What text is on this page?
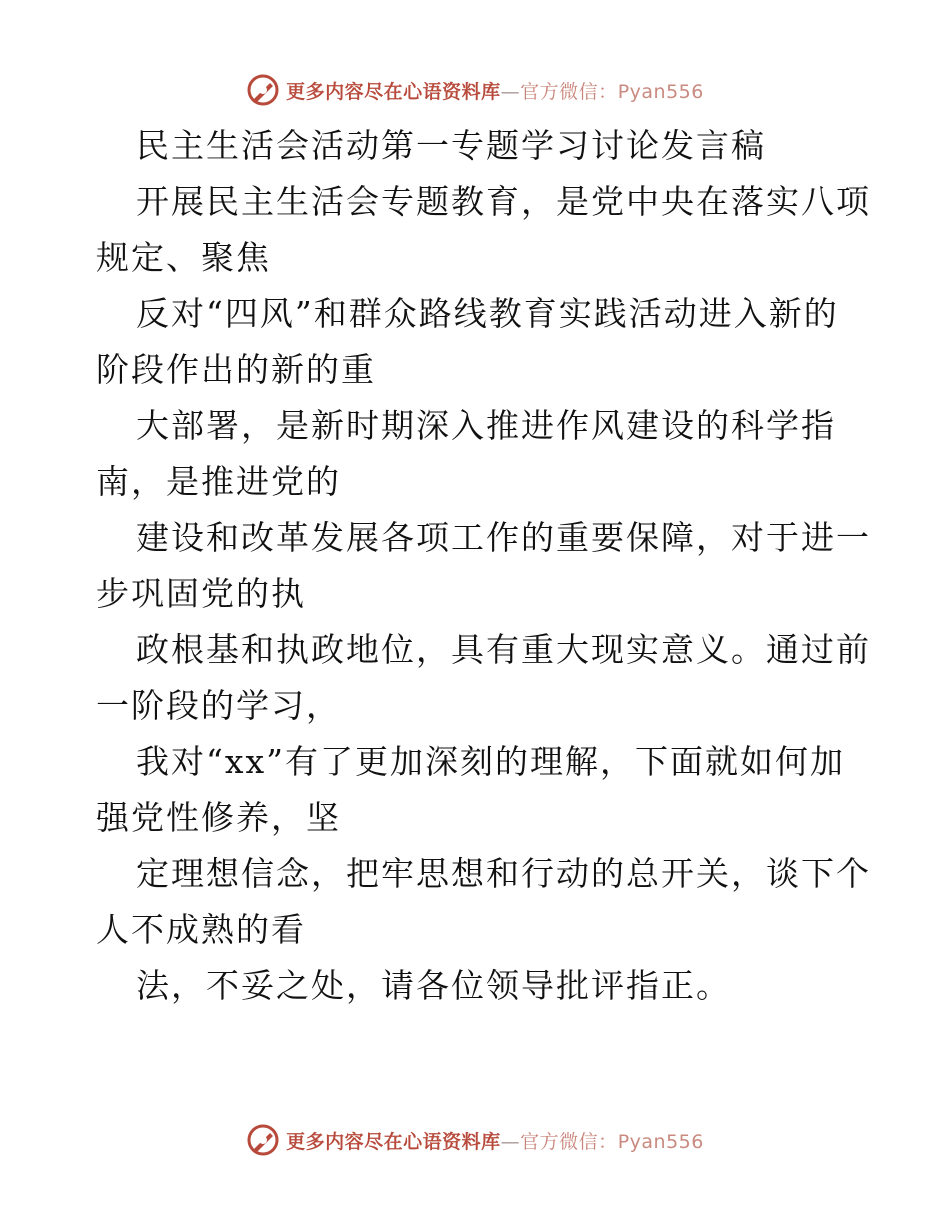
更多内容尽在心语资料库—官方微信：Pyan556
民主生活会活动第一专题学习讨论发言稿

开展民主生活会专题教育，是党中央在落实八项
规定、聚焦

反对“四风”和群众路线教育实践活动进入新的
阶段作出的新的重

大部署，是新时期深入推进作风建设的科学指
南，是推进党的

建设和改革发展各项工作的重要保障，对于进一
步巩固党的执

政根基和执政地位，具有重大现实意义。通过前
一阶段的学习，

我对“xx”有了更加深刻的理解，下面就如何加
强党性修养，坚

定理想信念，把牢思想和行动的总开关，谈下个
人不成熟的看

法，不妥之处，请各位领导批评指正。

更多内容尽在心语资料库—官方微信：Pyan556
